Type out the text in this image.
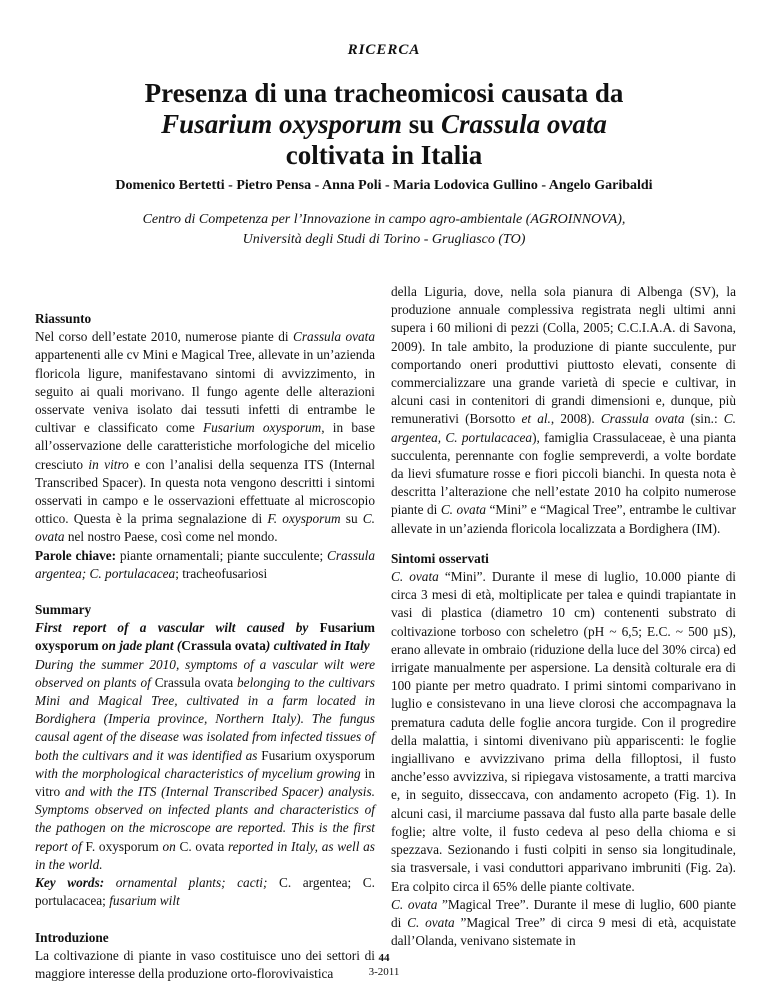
RICERCA
Presenza di una tracheomicosi causata da
Fusarium oxysporum su Crassula ovata
coltivata in Italia
Domenico Bertetti - Pietro Pensa - Anna Poli - Maria Lodovica Gullino - Angelo Garibaldi
Centro di Competenza per l’Innovazione in campo agro-ambientale (AGROINNOVA),
Università degli Studi di Torino - Grugliasco (TO)

Riassunto

Nel corso dell’estate 2010, numerose piante di Crassula ovata appartenenti alle cv Mini e Magical Tree, allevate in un’azienda floricola ligure, manifestavano sintomi di avvizzimento, in seguito ai quali morivano. Il fungo agente delle alterazioni osservate veniva isolato dai tessuti infetti di entrambe le cultivar e classificato come Fusarium oxysporum, in base all’osservazione delle caratteristiche morfologiche del micelio cresciuto in vitro e con l’analisi della sequenza ITS (Internal Transcribed Spacer). In questa nota vengono descritti i sintomi osservati in campo e le osservazioni effettuate al microscopio ottico. Questa è la prima segnalazione di F. oxysporum su C. ovata nel nostro Paese, così come nel mondo.

Parole chiave: piante ornamentali; piante succulente; Crassula argentea; C. portulacacea; tracheofusariosi

Summary

First report of a vascular wilt caused by Fusarium oxysporum on jade plant (Crassula ovata) cultivated in Italy

During the summer 2010, symptoms of a vascular wilt were observed on plants of Crassula ovata belonging to the cultivars Mini and Magical Tree, cultivated in a farm located in Bordighera (Imperia province, Northern Italy). The fungus causal agent of the disease was isolated from infected tissues of both the cultivars and it was identified as Fusarium oxysporum with the morphological characteristics of mycelium growing in vitro and with the ITS (Internal Transcribed Spacer) analysis. Symptoms observed on infected plants and characteristics of the pathogen on the microscope are reported. This is the first report of F. oxysporum on C. ovata reported in Italy, as well as in the world.

Key words: ornamental plants; cacti; C. argentea; C. portulacacea; fusarium wilt

Introduzione

La coltivazione di piante in vaso costituisce uno dei settori di maggiore interesse della produzione orto-florovivaistica

della Liguria, dove, nella sola pianura di Albenga (SV), la produzione annuale complessiva registrata negli ultimi anni supera i 60 milioni di pezzi (Colla, 2005; C.C.I.A.A. di Savona, 2009). In tale ambito, la produzione di piante succulente, pur comportando oneri produttivi piuttosto elevati, consente di commercializzare una grande varietà di specie e cultivar, in alcuni casi in contenitori di grandi dimensioni e, dunque, più remunerativi (Borsotto et al., 2008). Crassula ovata (sin.: C. argentea, C. portulacacea), famiglia Crassulaceae, è una pianta succulenta, perennante con foglie sempreverdi, a volte bordate da lievi sfumature rosse e fiori piccoli bianchi. In questa nota è descritta l’alterazione che nell’estate 2010 ha colpito numerose piante di C. ovata “Mini” e “Magical Tree”, entrambe le cultivar allevate in un’azienda floricola localizzata a Bordighera (IM).

Sintomi osservati

C. ovata “Mini”. Durante il mese di luglio, 10.000 piante di circa 3 mesi di età, moltiplicate per talea e quindi trapiantate in vasi di plastica (diametro 10 cm) contenenti substrato di coltivazione torboso con scheletro (pH ~ 6,5; E.C. ~ 500 µS), erano allevate in ombraio (riduzione della luce del 30% circa) ed irrigate manualmente per aspersione. La densità colturale era di 100 piante per metro quadrato. I primi sintomi comparivano in luglio e consistevano in una lieve clorosi che accompagnava la prematura caduta delle foglie ancora turgide. Con il progredire della malattia, i sintomi divenivano più appariscenti: le foglie ingiallivano e avvizzivano prima della filloptosi, il fusto anche’esso avvizziva, si ripiegava vistosamente, a tratti marciva e, in seguito, disseccava, con andamento acropeto (Fig. 1). In alcuni casi, il marciume passava dal fusto alla parte basale delle foglie; altre volte, il fusto cedeva al peso della chioma e si spezzava. Sezionando i fusti colpiti in senso sia longitudinale, sia trasversale, i vasi conduttori apparivano imbruniti (Fig. 2a). Era colpito circa il 65% delle piante coltivate.

C. ovata ”Magical Tree”. Durante il mese di luglio, 600 piante di C. ovata ”Magical Tree” di circa 9 mesi di età, acquistate dall’Olanda, venivano sistemate in

44
3-2011
